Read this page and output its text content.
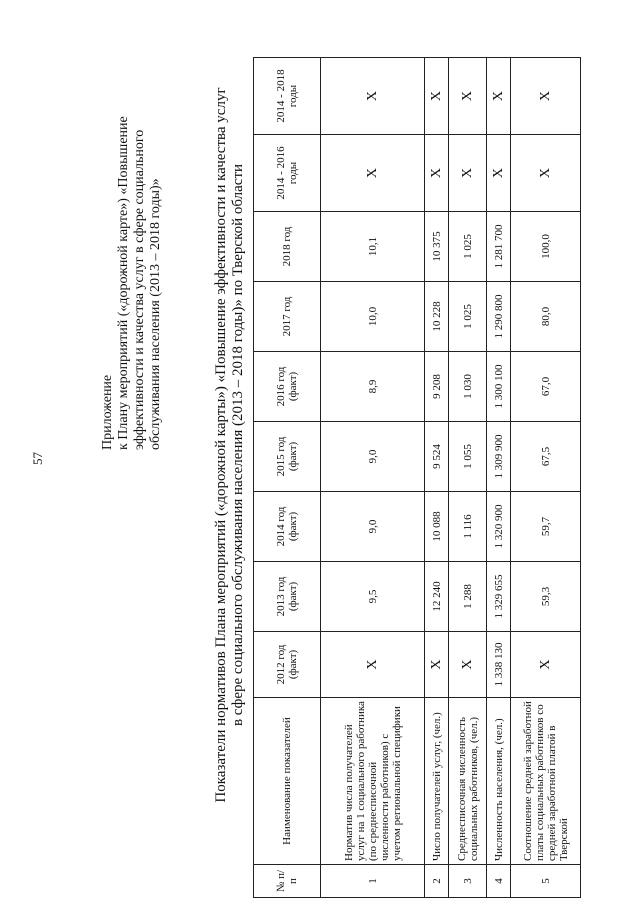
57
Приложение к Плану мероприятий («дорожной карте») «Повышение эффективности и качества услуг в сфере социального обслуживания населения (2013 – 2018 годы)»	Показатели нормативов Плана мероприятий («дорожной карты») «Повышение эффективности и качества услуг в сфере социального обслуживания населения (2013 – 2018 годы)» по Тверской области
№ п/п	Наименование показателей	2012 год (факт)	2013 год (факт)	2014 год (факт)	2015 год (факт)	2016 год (факт)	2017 год	2018 год	2014 - 2016 годы	2014 - 2018 годы
1	Норматив числа получателей услуг на 1 социального работника (по среднесписочной численности работников) с учетом региональной специфики	X	9,5	9,0	9,0	8,9	10,0	10,1	X	X
2	Число получателей услуг, (чел.)	X	12 240	10 088	9 524	9 208	10 228	10 375	X	X
3	Среднесписочная численность социальных работников, (чел.)	X	1 288	1 116	1 055	1 030	1 025	1 025	X	X
4	Численность населения, (чел.)	1 338 130	1 329 655	1 320 900	1 309 900	1 300 100	1 290 800	1 281 700	X	X
5	Соотношение средней заработной платы социальных работников со средней заработной платой в Тверской	X	59,3	59,7	67,5	67,0	80,0	100,0	X	X
